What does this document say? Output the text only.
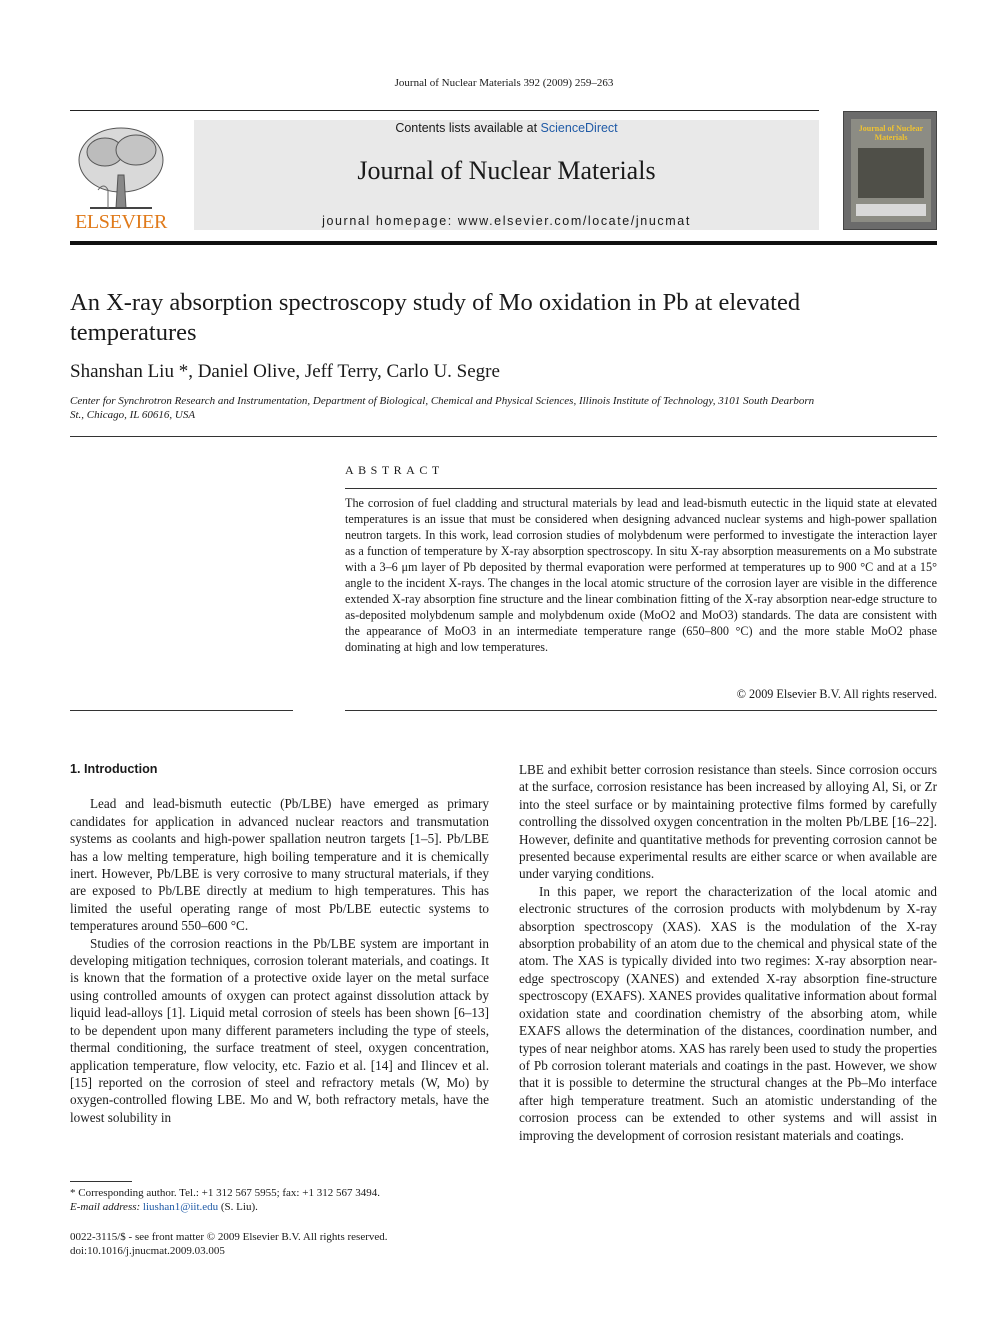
Journal of Nuclear Materials 392 (2009) 259–263
Contents lists available at ScienceDirect
Journal of Nuclear Materials
journal homepage: www.elsevier.com/locate/jnucmat
ELSEVIER
Journal of Nuclear Materials
An X-ray absorption spectroscopy study of Mo oxidation in Pb at elevated temperatures
Shanshan Liu *, Daniel Olive, Jeff Terry, Carlo U. Segre
Center for Synchrotron Research and Instrumentation, Department of Biological, Chemical and Physical Sciences, Illinois Institute of Technology, 3101 South Dearborn St., Chicago, IL 60616, USA
ABSTRACT
The corrosion of fuel cladding and structural materials by lead and lead-bismuth eutectic in the liquid state at elevated temperatures is an issue that must be considered when designing advanced nuclear systems and high-power spallation neutron targets. In this work, lead corrosion studies of molybdenum were performed to investigate the interaction layer as a function of temperature by X-ray absorption spectroscopy. In situ X-ray absorption measurements on a Mo substrate with a 3–6 μm layer of Pb deposited by thermal evaporation were performed at temperatures up to 900 °C and at a 15° angle to the incident X-rays. The changes in the local atomic structure of the corrosion layer are visible in the difference extended X-ray absorption fine structure and the linear combination fitting of the X-ray absorption near-edge structure to as-deposited molybdenum sample and molybdenum oxide (MoO2 and MoO3) standards. The data are consistent with the appearance of MoO3 in an intermediate temperature range (650–800 °C) and the more stable MoO2 phase dominating at high and low temperatures.
© 2009 Elsevier B.V. All rights reserved.

1. Introduction

Lead and lead-bismuth eutectic (Pb/LBE) have emerged as primary candidates for application in advanced nuclear reactors and transmutation systems as coolants and high-power spallation neutron targets [1–5]. Pb/LBE has a low melting temperature, high boiling temperature and it is chemically inert. However, Pb/LBE is very corrosive to many structural materials, if they are exposed to Pb/LBE directly at medium to high temperatures. This has limited the useful operating range of most Pb/LBE eutectic systems to temperatures around 550–600 °C.

Studies of the corrosion reactions in the Pb/LBE system are important in developing mitigation techniques, corrosion tolerant materials, and coatings. It is known that the formation of a protective oxide layer on the metal surface using controlled amounts of oxygen can protect against dissolution attack by liquid lead-alloys [1]. Liquid metal corrosion of steels has been shown [6–13] to be dependent upon many different parameters including the type of steels, thermal conditioning, the surface treatment of steel, oxygen concentration, application temperature, flow velocity, etc. Fazio et al. [14] and Ilincev et al. [15] reported on the corrosion of steel and refractory metals (W, Mo) by oxygen-controlled flowing LBE. Mo and W, both refractory metals, have the lowest solubility in

LBE and exhibit better corrosion resistance than steels. Since corrosion occurs at the surface, corrosion resistance has been increased by alloying Al, Si, or Zr into the steel surface or by maintaining protective films formed by carefully controlling the dissolved oxygen concentration in the molten Pb/LBE [16–22]. However, definite and quantitative methods for preventing corrosion cannot be presented because experimental results are either scarce or when available are under varying conditions.

In this paper, we report the characterization of the local atomic and electronic structures of the corrosion products with molybdenum by X-ray absorption spectroscopy (XAS). XAS is the modulation of the X-ray absorption probability of an atom due to the chemical and physical state of the atom. The XAS is typically divided into two regimes: X-ray absorption near-edge spectroscopy (XANES) and extended X-ray absorption fine-structure spectroscopy (EXAFS). XANES provides qualitative information about formal oxidation state and coordination chemistry of the absorbing atom, while EXAFS allows the determination of the distances, coordination number, and types of near neighbor atoms. XAS has rarely been used to study the properties of Pb corrosion tolerant materials and coatings in the past. However, we show that it is possible to determine the structural changes at the Pb–Mo interface after high temperature treatment. Such an atomistic understanding of the corrosion process can be extended to other systems and will assist in improving the development of corrosion resistant materials and coatings.

* Corresponding author. Tel.: +1 312 567 5955; fax: +1 312 567 3494.
E-mail address: liushan1@iit.edu (S. Liu).
0022-3115/$ - see front matter © 2009 Elsevier B.V. All rights reserved.
doi:10.1016/j.jnucmat.2009.03.005
